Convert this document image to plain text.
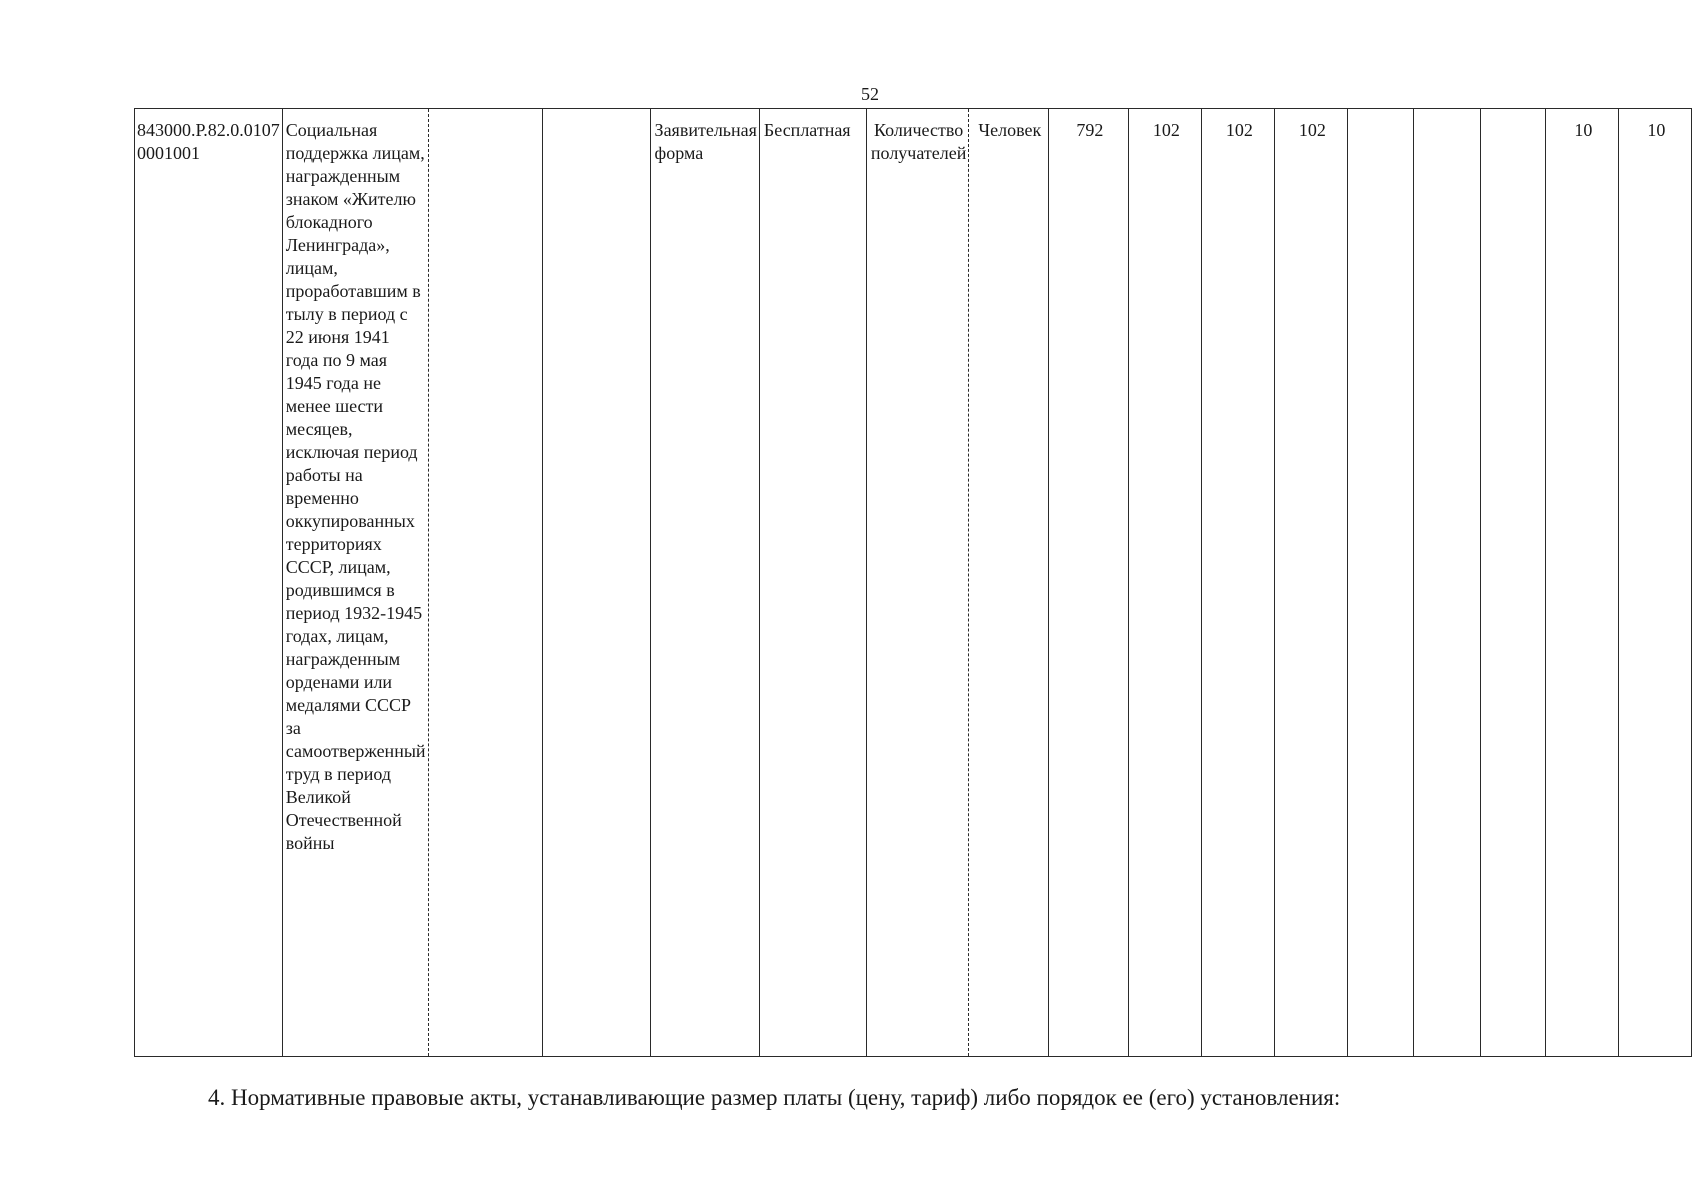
52
843000.Р.82.0.0107 0001001	Социальная поддержка лицам, награжденным знаком «Жителю блокадного Ленинграда», лицам, проработавшим в тылу в период с 22 июня 1941 года по 9 мая 1945 года не менее шести месяцев, исключая период работы на временно оккупированных территориях СССР, лицам, родившимся в период 1932-1945 годах, лицам, награжденным орденами или медалями СССР за самоотверженный труд в период Великой Отечественной войны			Заявительная форма	Бесплатная	Количество получателей	Человек	792	102	102	102				10	10
4. Нормативные правовые акты, устанавливающие размер платы (цену, тариф) либо порядок ее (его) установления:
